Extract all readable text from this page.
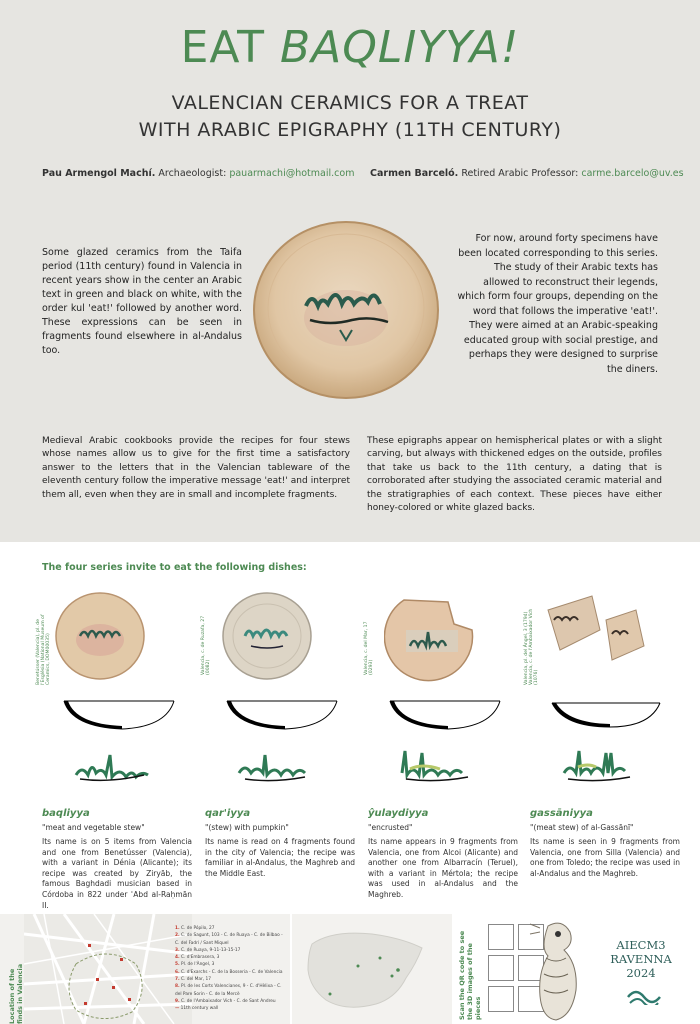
EAT BAQLIYYA!
VALENCIAN CERAMICS FOR A TREAT
WITH ARABIC EPIGRAPHY (11TH CENTURY)
Pau Armengol Machí. Archaeologist: pauarmachi@hotmail.com Carmen Barceló. Retired Arabic Professor: carme.barcelo@uv.es

Some glazed ceramics from the Taifa period (11th century) found in Valencia in recent years show in the center an Arabic text in green and black on white, with the order kul 'eat!' followed by another word. These expressions can be seen in fragments found elsewhere in al-Andalus too.

For now, around forty specimens have been located corresponding to this series. The study of their Arabic texts has allowed to reconstruct their legends, which form four groups, depending on the word that follows the imperative 'eat!'. They were aimed at an Arabic-speaking educated group with social prestige, and perhaps they were designed to surprise the diners.

Medieval Arabic cookbooks provide the recipes for four stews whose names allow us to give for the first time a satisfactory answer to the letters that in the Valencian tableware of the eleventh century follow the imperative message 'eat!' and interpret them all, even when they are in small and incomplete fragments.

These epigraphs appear on hemispherical plates or with a slight carving, but always with thickened edges on the outside, profiles that take us back to the 11th century, a dating that is corroborated after studying the associated ceramic material and the stratigraphies of each context. These pieces have either honey-colored or white glazed backs.

The four series invite to eat the following dishes:
Benetússer (Valencia), pl. de l'Església (National Museum of Ceramics, DOM00035)
baqliyya
"meat and vegetable stew"

Its name is on 5 items from Valencia and one from Benetússer (Valencia), with a variant in Dénia (Alicante); its recipe was created by Ziryāb, the famous Baghdadi musician based in Córdoba in 822 under ʿAbd al-Raḥmān II.

Valencia, c. de Ruzafa, 27 (0082)
qar'iyya
"(stew) with pumpkin"

Its name is read on 4 fragments found in the city of Valencia; the recipe was familiar in al-Andalus, the Maghreb and the Middle East.

Valencia, c. del Mar, 17 (0293)
ŷulaydiyya
"encrusted"

Its name appears in 9 fragments from Valencia, one from Alcoi (Alicante) and another one from Albarracín (Teruel), with a variant in Mértola; the recipe was used in al-Andalus and the Maghreb.

Valencia, pl. del Ángel, 3 (1794) Valencia, c. de l'Ambaixador Vich (1076)
gassāniyya
"(meat stew) of al-Gassānī"

Its name is seen in 9 fragments from Valencia, one from Silla (Valencia) and one from Toledo; the recipe was used in al-Andalus and the Maghreb.

Location of the finds in Valencia
1. C. de Pópilo, 27
2. C. de Sagunt, 103 - C. de Ruaya - C. de Bilbao - C. del Fadrí / Sant Miquel
3. C. de Ruaya, 9-11-13-15-17
4. C. d'Embrasera, 3
5. Pl. de l'Àngel, 3
6. C. d'Exarchs - C. de la Bosseria - C. de Valencia
7. C. del Mar, 17
8. Pl. de les Corts Valencianes, 9 - C. d'Hèlixa - C. del Pare Sorin - C. de la Mercè
9. C. de l'Ambaixador Vich - C. de Sant Andreu
— 11th century wall	Scan the QR code to see the 3D images of the pieces
AIECM3 RAVENNA
2024
